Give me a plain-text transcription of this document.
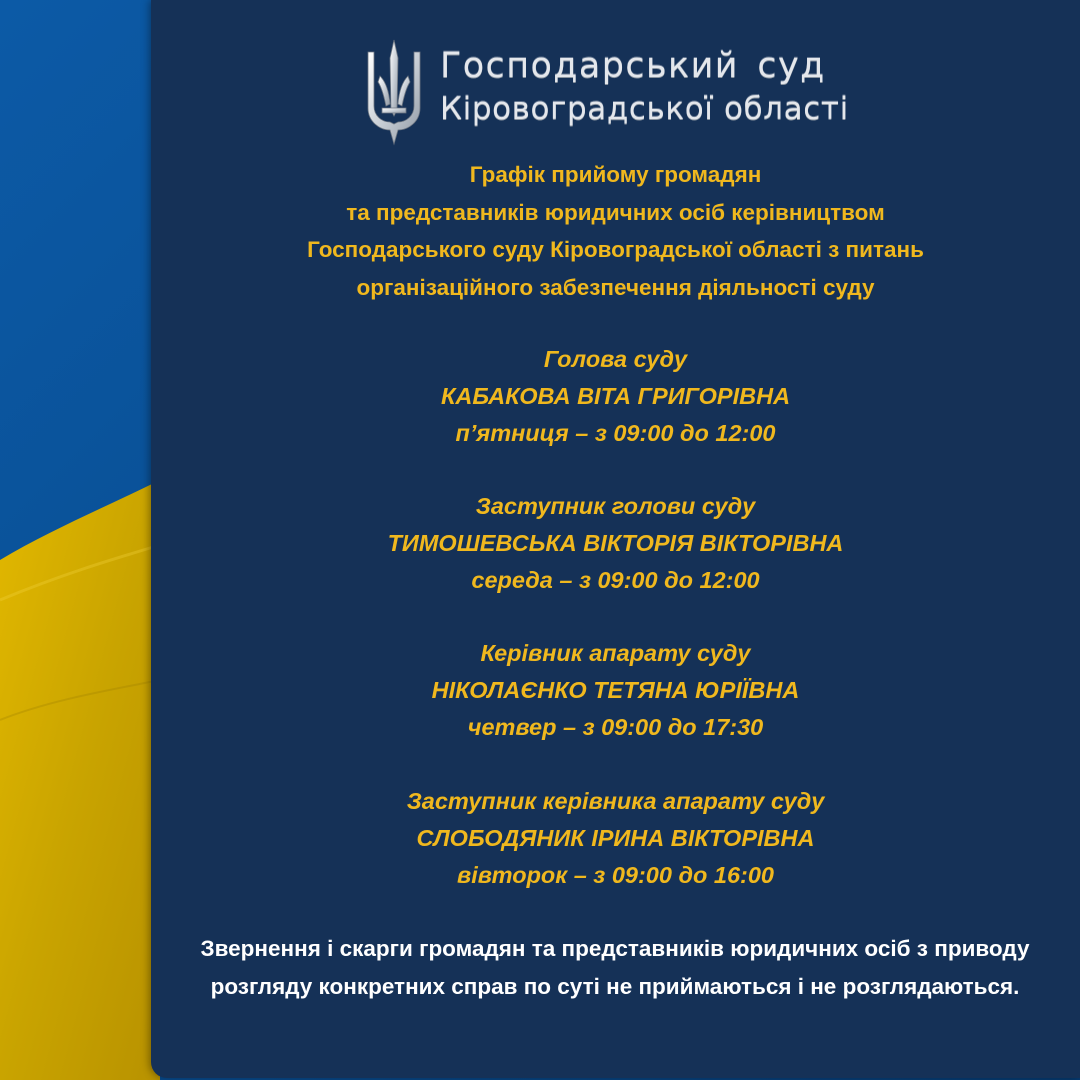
Господарський суд
Кіровоградської області
Графік прийому громадян
та представників юридичних осіб керівництвом
Господарського суду Кіровоградської області з питань
організаційного забезпечення діяльності суду
Голова суду
КАБАКОВА ВІТА ГРИГОРІВНА
п’ятниця – з 09:00 до 12:00
Заступник голови суду
ТИМОШЕВСЬКА ВІКТОРІЯ ВІКТОРІВНА
середа – з 09:00 до 12:00
Керівник апарату суду
НІКОЛАЄНКО ТЕТЯНА ЮРІЇВНА
четвер – з 09:00 до 17:30
Заступник керівника апарату суду
СЛОБОДЯНИК ІРИНА ВІКТОРІВНА
вівторок – з 09:00 до 16:00
Звернення і скарги громадян та представників юридичних осіб з приводу розгляду конкретних справ по суті не приймаються і не розглядаються.
